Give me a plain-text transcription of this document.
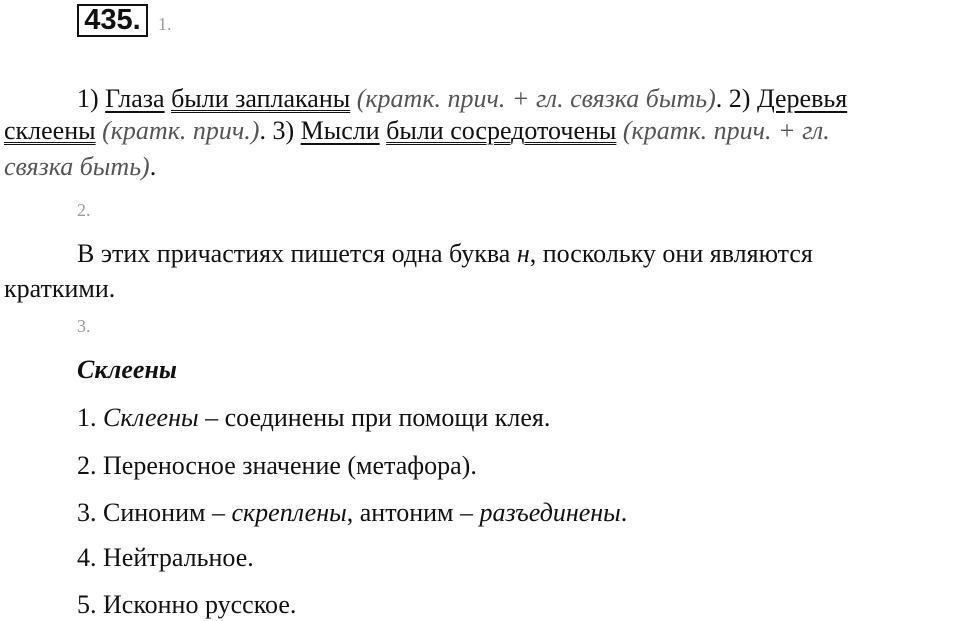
435. 1.
1) Глаза были заплаканы (кратк. прич. + гл. связка быть). 2) Деревья
склеены (кратк. прич.). 3) Мысли были сосредоточены (кратк. прич. + гл.
связка быть).
2.
В этих причастиях пишется одна буква н, поскольку они являются
краткими.
3.
Склеены
1. Склеены – соединены при помощи клея.
2. Переносное значение (метафора).
3. Синоним – скреплены, антоним – разъединены.
4. Нейтральное.
5. Исконно русское.
